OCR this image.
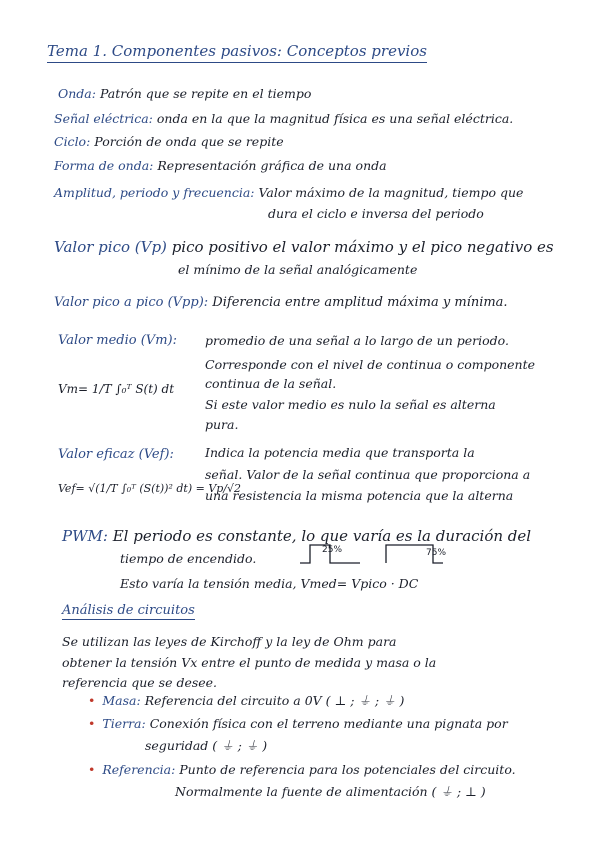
Tema 1. Componentes pasivos: Conceptos previos
Onda: Patrón que se repite en el tiempo
Señal eléctrica: onda en la que la magnitud física es una señal eléctrica.
Ciclo: Porción de onda que se repite
Forma de onda: Representación gráfica de una onda
Amplitud, periodo y frecuencia: Valor máximo de la magnitud, tiempo que
dura el ciclo e inversa del periodo
Valor pico (Vp) pico positivo el valor máximo y el pico negativo es
el mínimo de la señal analógicamente
Valor pico a pico (Vpp): Diferencia entre amplitud máxima y mínima.
Valor medio (Vm): promedio de una señal a lo largo de un periodo.
Corresponde con el nivel de continua o componente
continua de la señal.
Si este valor medio es nulo la señal es alterna
pura.
Vm= 1/T ∫₀ᵀ S(t) dt
Valor eficaz (Vef): Indica la potencia media que transporta la
señal. Valor de la señal continua que proporciona a
una resistencia la misma potencia que la alterna
Vef= √(1/T ∫₀ᵀ (S(t))² dt) = Vp/√2
PWM: El periodo es constante, lo que varía es la duración del
tiempo de encendido.
25%	75%
Esto varía la tensión media, Vmed= Vpico · DC
Análisis de circuitos
Se utilizan las leyes de Kirchoff y la ley de Ohm para
obtener la tensión Vx entre el punto de medida y masa o la
referencia que se desee.
• Masa: Referencia del circuito a 0V ( ⊥ ; ⏚ ; ⏚ )
• Tierra: Conexión física con el terreno mediante una pignata por
seguridad ( ⏚ ; ⏚ )
• Referencia: Punto de referencia para los potenciales del circuito.
Normalmente la fuente de alimentación ( ⏚ ; ⊥ )
